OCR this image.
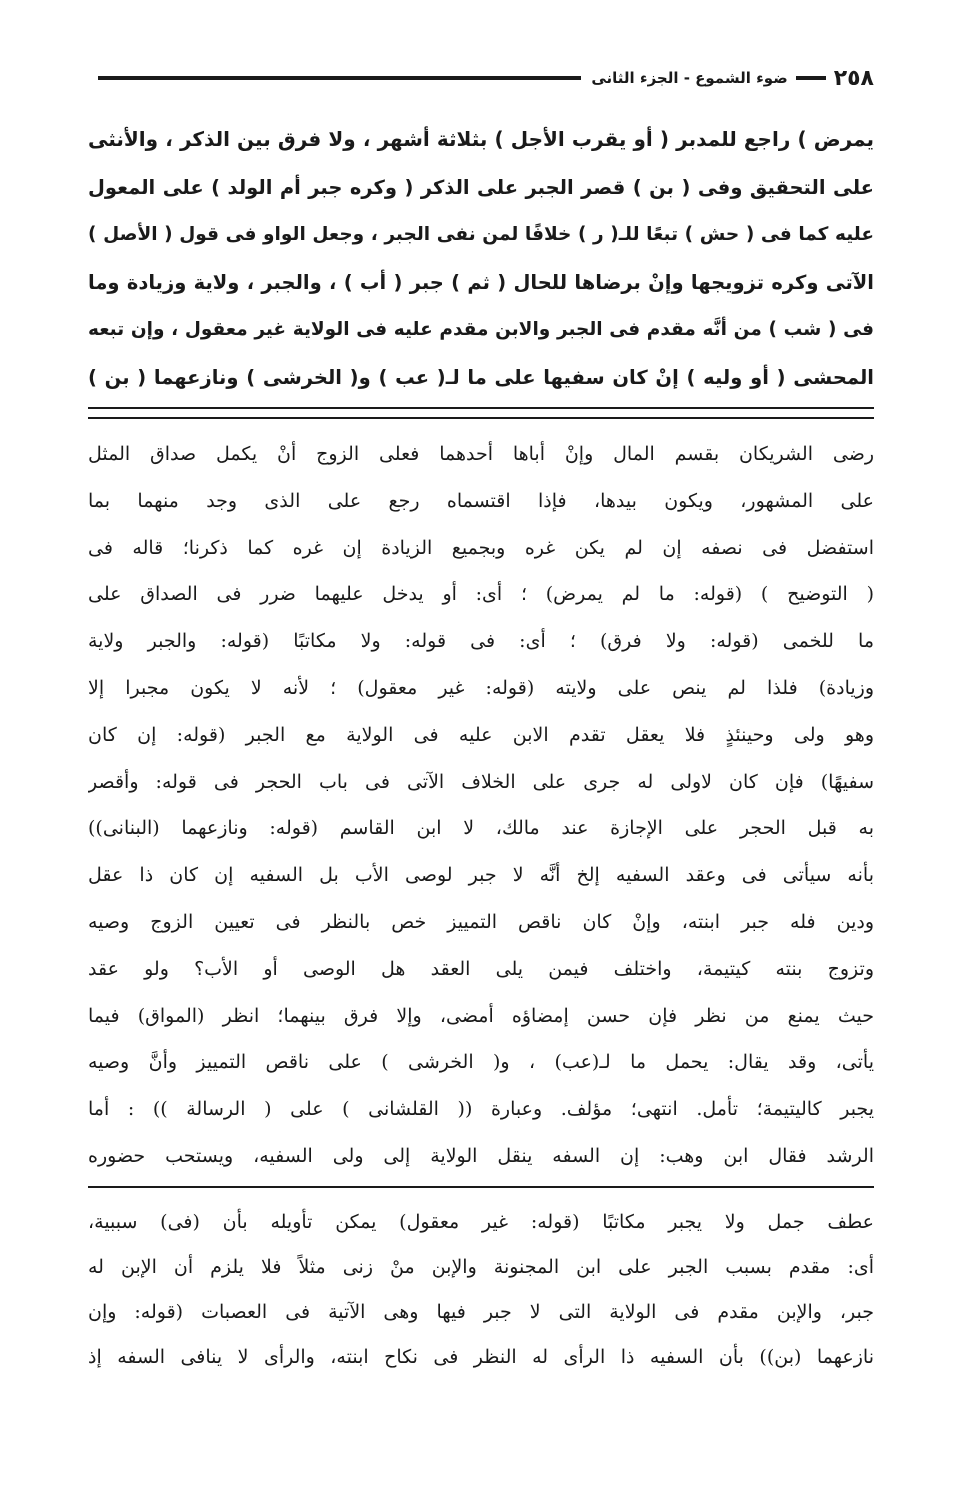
٢٥٨
ضوء الشموع - الجزء الثانى

يمرض ) راجع للمدبر ( أو يقرب الأجل ) بثلاثة أشهر ، ولا فرق بين الذكر ، والأنثى

على التحقيق وفى ( بن ) قصر الجبر على الذكر ( وكره جبر أم الولد ) على المعول

عليه كما فى ( حش ) تبعًا للـ( ر ) خلافًا لمن نفى الجبر ، وجعل الواو فى قول ( الأصل )

الآتى وكره تزويجها وإنْ برضاها للحال ( ثم ) جبر ( أب ) ، والجبر ، ولاية وزيادة وما

فى ( شب ) من أنَّه مقدم فى الجبر والابن مقدم عليه فى الولاية غير معقول ، وإن تبعه

المحشى ( أو وليه ) إنْ كان سفيها على ما لـ( عب ) و( الخرشى ) ونازعهما ( بن )

رضى الشريكان بقسم المال وإنْ أباها أحدهما فعلى الزوج أنْ يكمل صداق المثل

على المشهور، ويكون بيدها، فإذا اقتسماه رجع على الذى وجد منهما بما

استفضل فى نصفه إن لم يكن غره وبجميع الزيادة إن غره كما ذكرنا؛ قاله فى

( التوضيح ) (قوله: ما لم يمرض) ؛ أى: أو يدخل عليهما ضرر فى الصداق على

ما للخمى (قوله: ولا فرق) ؛ أى: فى قوله: ولا مكاتبًا (قوله: والجبر ولاية

وزيادة) فلذا لم ينص على ولايته (قوله: غير معقول) ؛ لأنه لا يكون مجبرا إلا

وهو ولى وحينئذٍ فلا يعقل تقدم الابن عليه فى الولاية مع الجبر (قوله: إن كان

سفيهًا) فإن كان لاولى له جرى على الخلاف الآتى فى باب الحجر فى قوله: وأقصر

به قبل الحجر على الإجازة عند مالك، لا ابن القاسم (قوله: ونازعهما (البنانى))

بأنه سيأتى فى وعقد السفيه إلخ أنَّه لا جبر لوصى الأب بل السفيه إن كان ذا عقل

ودين فله جبر ابنته، وإنْ كان ناقص التمييز خص بالنظر فى تعيين الزوج وصيه

وتزوج بنته كيتيمة، واختلف فيمن يلى العقد هل الوصى أو الأب؟ ولو عقد

حيث يمنع من نظر فإن حسن إمضاؤه أمضى، وإلا فرق بينهما؛ انظر (المواق) فيما

يأتى، وقد يقال: يحمل ما لـ(عب) ، و( الخرشى ) على ناقص التمييز وأنَّ وصيه

يجبر كاليتيمة؛ تأمل. انتهى؛ مؤلف. وعبارة (( القلشانى ) على ( الرسالة )) : أما

الرشد فقال ابن وهب: إن السفه ينقل الولاية إلى ولى السفيه، ويستحب حضوره

عطف جمل ولا يجبر مكاتبًا (قوله: غير معقول) يمكن تأويله بأن (فى) سببية،

أى: مقدم بسبب الجبر على ابن المجنونة والإبن منْ زنى مثلاً فلا يلزم أن الإبن له

جبر، والإبن مقدم فى الولاية التى لا جبر فيها وهى الآتية فى العصبات (قوله: وإن

نازعهما (بن)) بأن السفيه ذا الرأى له النظر فى نكاح ابنته، والرأى لا ينافى السفه إذ
